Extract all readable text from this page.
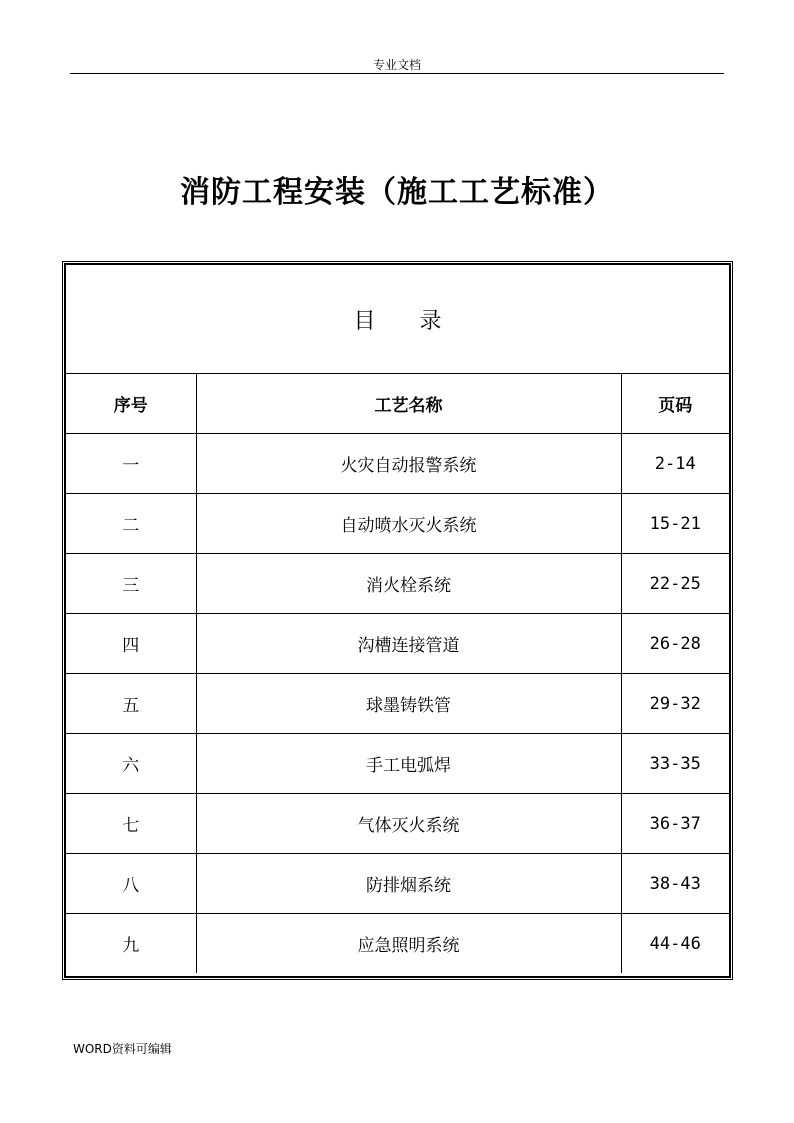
专业文档
消防工程安装（施工工艺标准）
目 录		
序号	工艺名称	页码
一	火灾自动报警系统	2-14
二	自动喷水灭火系统	15-21
三	消火栓系统	22-25
四	沟槽连接管道	26-28
五	球墨铸铁管	29-32
六	手工电弧焊	33-35
七	气体灭火系统	36-37
八	防排烟系统	38-43
九	应急照明系统	44-46
WORD资料可编辑
